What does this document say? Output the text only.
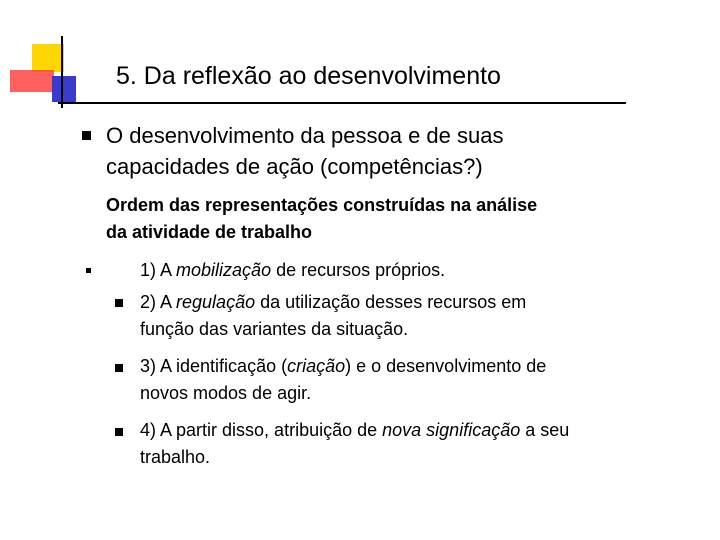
5. Da reflexão ao desenvolvimento
O desenvolvimento da pessoa e de suas
capacidades de ação (competências?)
Ordem das representações construídas na análise
da atividade de trabalho
1) A mobilização de recursos próprios.
2) A regulação da utilização desses recursos em
função das variantes da situação.
3) A identificação (criação) e o desenvolvimento de
novos modos de agir.
4) A partir disso, atribuição de nova significação a seu
trabalho.
